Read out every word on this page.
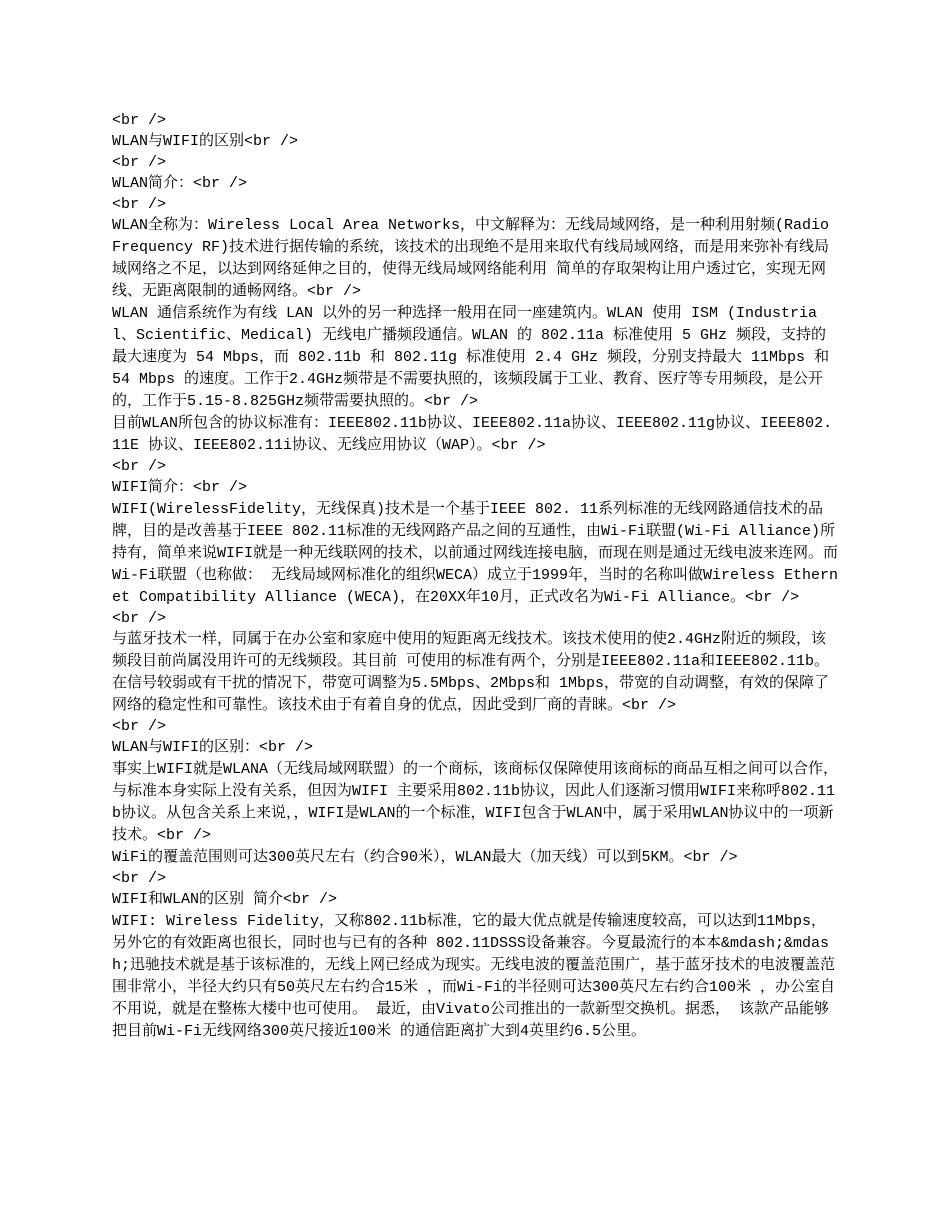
<br />
WLAN与WIFI的区别<br />
<br />
WLAN简介：<br />
<br />
WLAN全称为：Wireless Local Area Networks，中文解释为：无线局域网络，是一种利用射频(Radio Frequency RF)技术进行据传输的系统，该技术的出现绝不是用来取代有线局域网络，而是用来弥补有线局域网络之不足，以达到网络延伸之目的，使得无线局域网络能利用 简单的存取架构让用户透过它，实现无网线、无距离限制的通畅网络。<br />
WLAN 通信系统作为有线 LAN 以外的另一种选择一般用在同一座建筑内。WLAN 使用 ISM (Industrial、Scientific、Medical) 无线电广播频段通信。WLAN 的 802.11a 标准使用 5 GHz 频段，支持的最大速度为 54 Mbps，而 802.11b 和 802.11g 标准使用 2.4 GHz 频段，分别支持最大 11Mbps 和 54 Mbps 的速度。工作于2.4GHz频带是不需要执照的，该频段属于工业、教育、医疗等专用频段，是公开的，工作于5.15-8.825GHz频带需要执照的。<br />
目前WLAN所包含的协议标准有：IEEE802.11b协议、IEEE802.11a协议、IEEE802.11g协议、IEEE802.11E 协议、IEEE802.11i协议、无线应用协议（WAP）。<br />
<br />
WIFI简介：<br />
WIFI(WirelessFidelity，无线保真)技术是一个基于IEEE 802. 11系列标准的无线网路通信技术的品牌，目的是改善基于IEEE 802.11标准的无线网路产品之间的互通性，由Wi-Fi联盟(Wi-Fi Alliance)所持有，简单来说WIFI就是一种无线联网的技术，以前通过网线连接电脑，而现在则是通过无线电波来连网。而Wi-Fi联盟（也称做： 无线局域网标准化的组织WECA）成立于1999年，当时的名称叫做Wireless Ethernet Compatibility Alliance (WECA)，在20XX年10月，正式改名为Wi-Fi Alliance。<br />
<br />
与蓝牙技术一样，同属于在办公室和家庭中使用的短距离无线技术。该技术使用的使2.4GHz附近的频段，该频段目前尚属没用许可的无线频段。其目前 可使用的标准有两个，分别是IEEE802.11a和IEEE802.11b。在信号较弱或有干扰的情况下，带宽可调整为5.5Mbps、2Mbps和 1Mbps，带宽的自动调整，有效的保障了网络的稳定性和可靠性。该技术由于有着自身的优点，因此受到厂商的青睐。<br />
<br />
WLAN与WIFI的区别：<br />
事实上WIFI就是WLANA（无线局域网联盟）的一个商标，该商标仅保障使用该商标的商品互相之间可以合作，与标准本身实际上没有关系，但因为WIFI 主要采用802.11b协议，因此人们逐渐习惯用WIFI来称呼802.11b协议。从包含关系上来说，，WIFI是WLAN的一个标准，WIFI包含于WLAN中，属于采用WLAN协议中的一项新技术。<br />
WiFi的覆盖范围则可达300英尺左右（约合90米），WLAN最大（加天线）可以到5KM。<br />
<br />
WIFI和WLAN的区别 简介<br />
WIFI: Wireless Fidelity，又称802.11b标准，它的最大优点就是传输速度较高，可以达到11Mbps，另外它的有效距离也很长，同时也与已有的各种 802.11DSSS设备兼容。今夏最流行的本本&mdash;&mdash;迅驰技术就是基于该标准的，无线上网已经成为现实。无线电波的覆盖范围广，基于蓝牙技术的电波覆盖范 围非常小，半径大约只有50英尺左右约合15米 ，而Wi-Fi的半径则可达300英尺左右约合100米 ，办公室自不用说，就是在整栋大楼中也可使用。 最近，由Vivato公司推出的一款新型交换机。据悉， 该款产品能够把目前Wi-Fi无线网络300英尺接近100米 的通信距离扩大到4英里约6.5公里。
